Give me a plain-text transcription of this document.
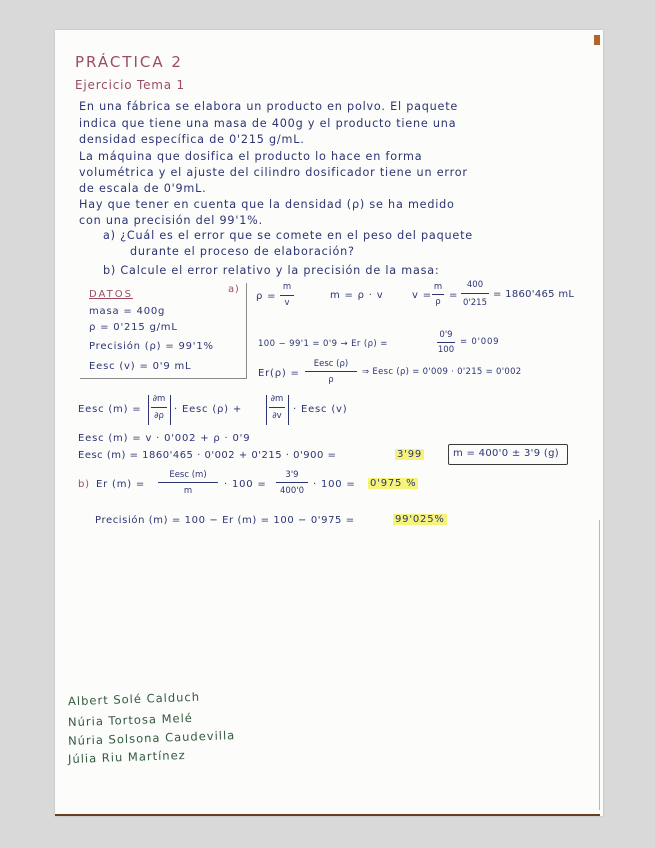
PRÁCTICA 2
Ejercicio Tema 1
En una fábrica se elabora un producto en polvo. El paquete
indica que tiene una masa de 400g y el producto tiene una
densidad específica de 0'215 g/mL.
La máquina que dosifica el producto lo hace en forma
volumétrica y el ajuste del cilindro dosificador tiene un error
de escala de 0'9mL.
Hay que tener en cuenta que la densidad (ρ) se ha medido
con una precisión del 99'1%.
a) ¿Cuál es el error que se comete en el peso del paquete
durante el proceso de elaboración?
b) Calcule el error relativo y la precisión de la masa:
DATOS
masa = 400g
ρ = 0'215 g/mL
Precisión (ρ) = 99'1%
Eesc (v) = 0'9 mL
a)
ρ =
m
v
m = ρ · v	v =
m
ρ
=
400
0'215
= 1860'465 mL
100 − 99'1 = 0'9 → Er (ρ) =
0'9
100
= 0'009
Er(ρ) =
Eesc (ρ)
ρ
⇒ Eesc (ρ) = 0'009 · 0'215 = 0'002
Eesc (m) =
∂m
∂ρ
· Eesc (ρ) +
∂m
∂v
· Eesc (v)
Eesc (m) = v · 0'002 + ρ · 0'9
Eesc (m) = 1860'465 · 0'002 + 0'215 · 0'900 =	3'99	m = 400'0 ± 3'9 (g)
b) Er (m) =
Eesc (m)
m
· 100 =
3'9
400'0
· 100 = 0'975 %
Precisión (m) = 100 − Er (m) = 100 − 0'975 =	99'025%
Albert Solé Calduch
Núria Tortosa Melé
Núria Solsona Caudevilla
Júlia Riu Martínez
